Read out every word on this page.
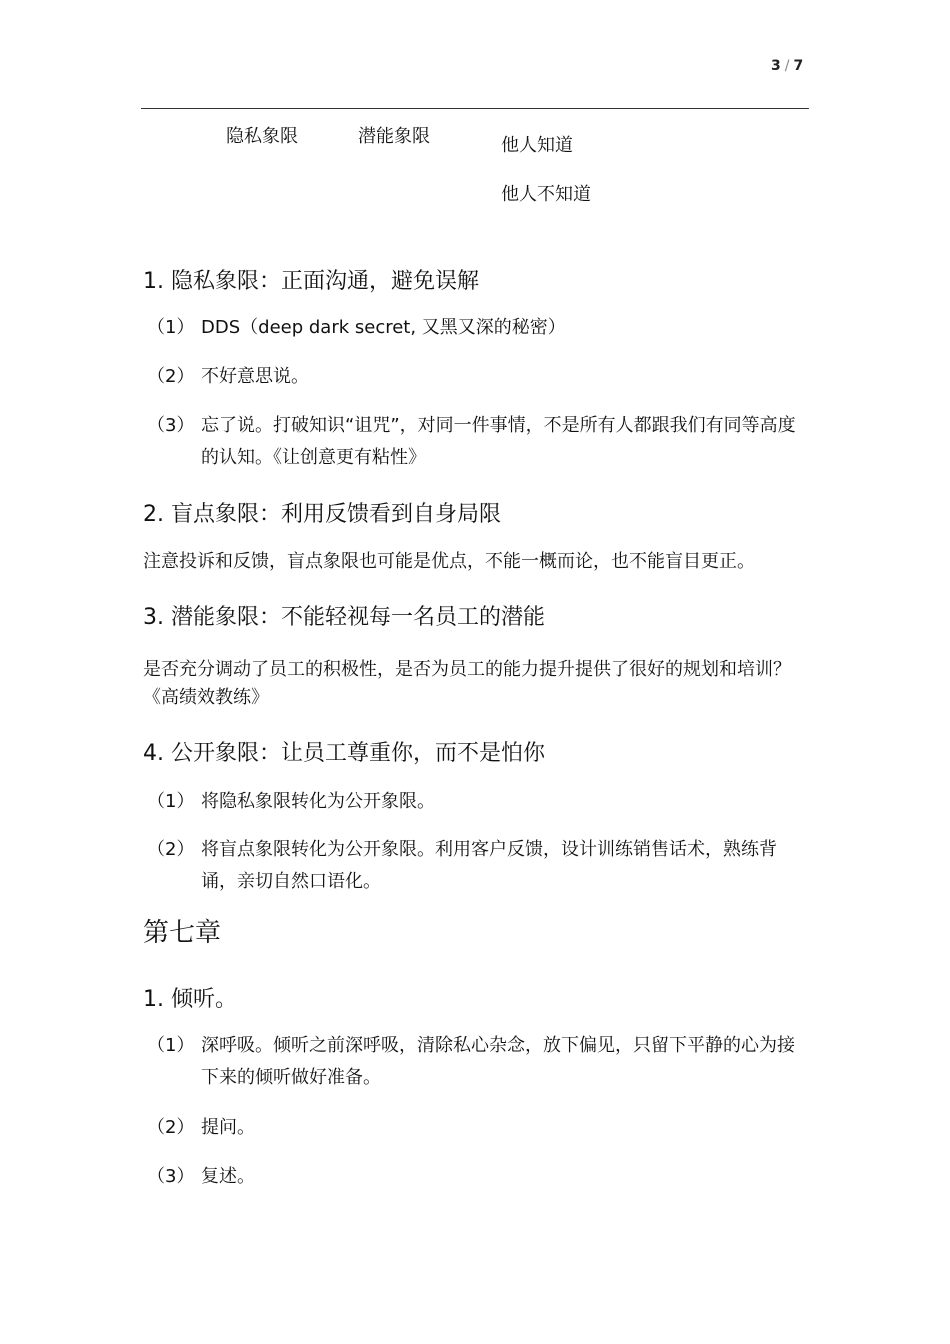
3 / 7
隐私象限	潜能象限	他人知道
他人不知道
1. 隐私象限：正面沟通，避免误解
（1） DDS（deep dark secret, 又黑又深的秘密）
（2） 不好意思说。
（3） 忘了说。打破知识“诅咒”，对同一件事情，不是所有人都跟我们有同等高度的认知。《让创意更有粘性》
2. 盲点象限：利用反馈看到自身局限
注意投诉和反馈，盲点象限也可能是优点，不能一概而论，也不能盲目更正。
3. 潜能象限：不能轻视每一名员工的潜能
是否充分调动了员工的积极性，是否为员工的能力提升提供了很好的规划和培训？《高绩效教练》
4. 公开象限：让员工尊重你，而不是怕你
（1） 将隐私象限转化为公开象限。
（2） 将盲点象限转化为公开象限。利用客户反馈，设计训练销售话术，熟练背诵，亲切自然口语化。
第七章
1. 倾听。
（1） 深呼吸。倾听之前深呼吸，清除私心杂念，放下偏见，只留下平静的心为接下来的倾听做好准备。
（2） 提问。
（3） 复述。
